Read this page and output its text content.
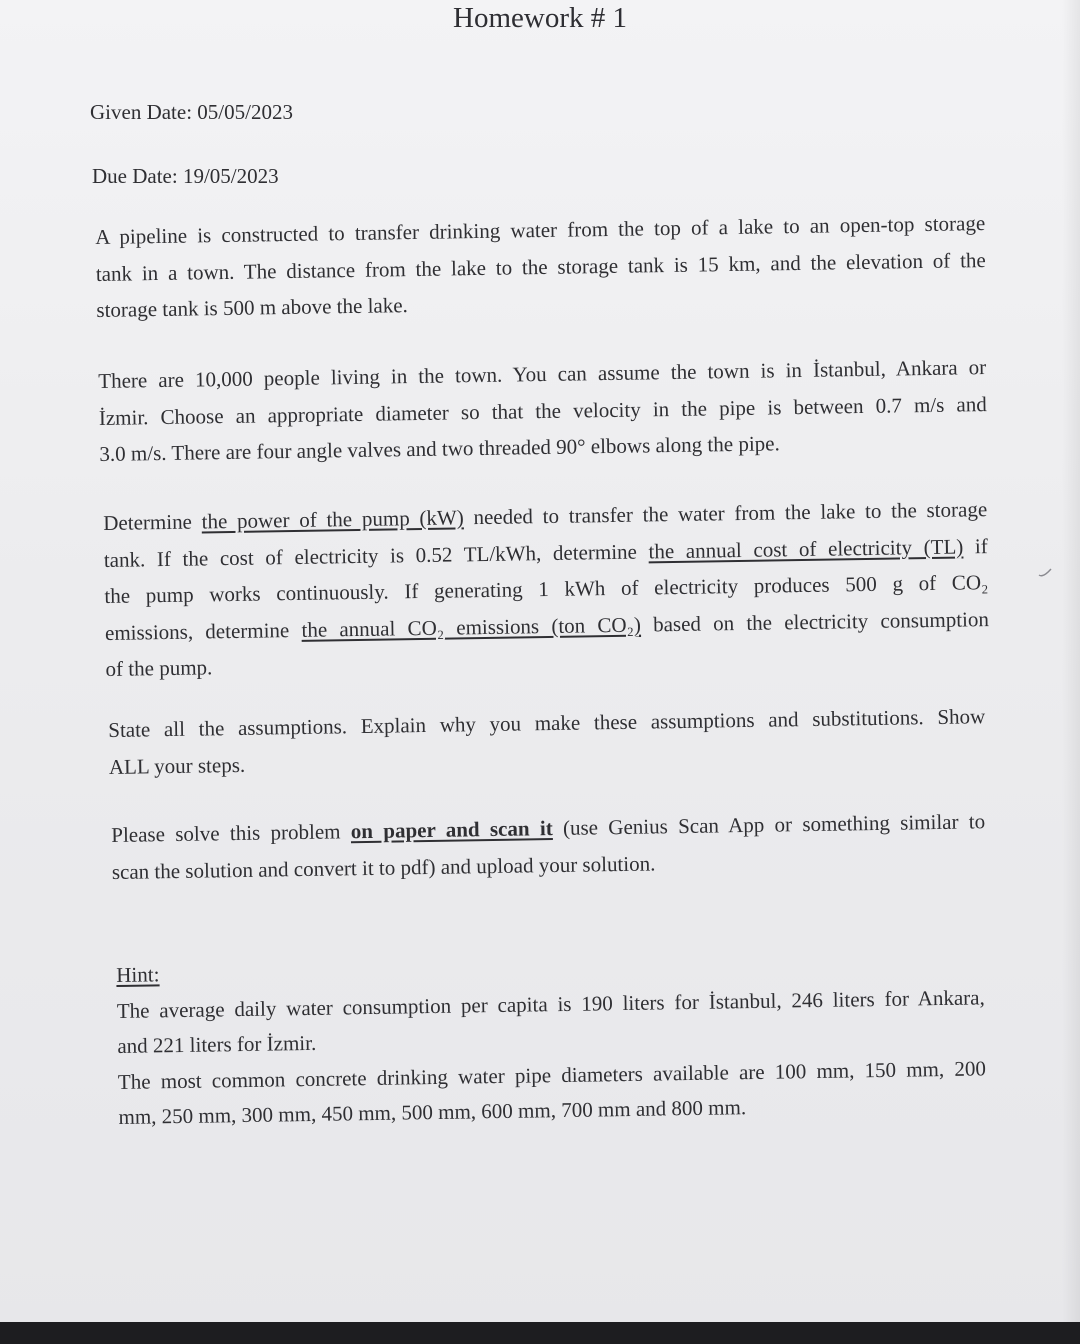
Homework # 1
Given Date: 05/05/2023
Due Date: 19/05/2023

A pipeline is constructed to transfer drinking water from the top of a lake to an open-top storage

tank in a town. The distance from the lake to the storage tank is 15 km, and the elevation of the

storage tank is 500 m above the lake.

There are 10,000 people living in the town. You can assume the town is in İstanbul, Ankara or

İzmir. Choose an appropriate diameter so that the velocity in the pipe is between 0.7 m/s and

3.0 m/s. There are four angle valves and two threaded 90° elbows along the pipe.

Determine the power of the pump (kW) needed to transfer the water from the lake to the storage

tank. If the cost of electricity is 0.52 TL/kWh, determine the annual cost of electricity (TL) if

the pump works continuously. If generating 1 kWh of electricity produces 500 g of CO₂

emissions, determine the annual CO₂ emissions (ton CO₂) based on the electricity consumption

of the pump.

State all the assumptions. Explain why you make these assumptions and substitutions. Show

ALL your steps.

Please solve this problem on paper and scan it (use Genius Scan App or something similar to

scan the solution and convert it to pdf) and upload your solution.

Hint:

The average daily water consumption per capita is 190 liters for İstanbul, 246 liters for Ankara,

and 221 liters for İzmir.

The most common concrete drinking water pipe diameters available are 100 mm, 150 mm, 200

mm, 250 mm, 300 mm, 450 mm, 500 mm, 600 mm, 700 mm and 800 mm.
